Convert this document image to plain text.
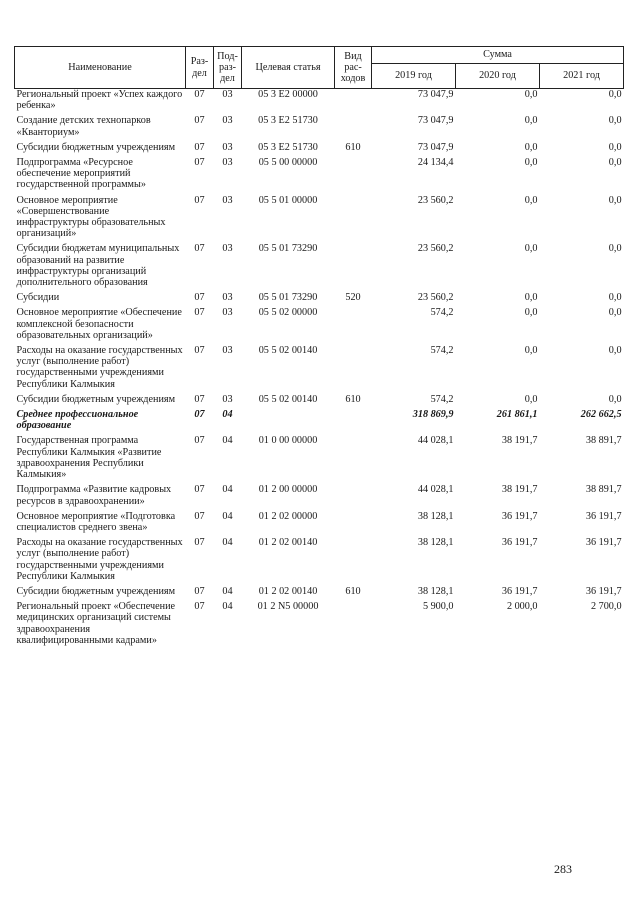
Наименование	Раз- дел	Под- раз- дел	Целевая статья	Вид рас- ходов	Сумма		
					2019 год	2020 год	2021 год
Региональный проект «Успех каждого ребенка»	07	03	05 3 E2 00000		73 047,9	0,0	0,0
Создание детских технопарков «Кванториум»	07	03	05 3 E2 51730		73 047,9	0,0	0,0
Субсидии бюджетным учреждениям	07	03	05 3 E2 51730	610	73 047,9	0,0	0,0
Подпрограмма «Ресурсное обеспечение мероприятий государственной программы»	07	03	05 5 00 00000		24 134,4	0,0	0,0
Основное мероприятие «Совершенствование инфраструктуры образовательных организаций»	07	03	05 5 01 00000		23 560,2	0,0	0,0
Субсидии бюджетам муниципальных образований на развитие инфраструктуры организаций дополнительного образования	07	03	05 5 01 73290		23 560,2	0,0	0,0
Субсидии	07	03	05 5 01 73290	520	23 560,2	0,0	0,0
Основное мероприятие «Обеспечение комплексной безопасности образовательных организаций»	07	03	05 5 02 00000		574,2	0,0	0,0
Расходы на оказание государственных услуг (выполнение работ) государственными учреждениями Республики Калмыкия	07	03	05 5 02 00140		574,2	0,0	0,0
Субсидии бюджетным учреждениям	07	03	05 5 02 00140	610	574,2	0,0	0,0
Среднее профессиональное образование	07	04			318 869,9	261 861,1	262 662,5
Государственная программа Республики Калмыкия «Развитие здравоохранения Республики Калмыкия»	07	04	01 0 00 00000		44 028,1	38 191,7	38 891,7
Подпрограмма «Развитие кадровых ресурсов в здравоохранении»	07	04	01 2 00 00000		44 028,1	38 191,7	38 891,7
Основное мероприятие «Подготовка специалистов среднего звена»	07	04	01 2 02 00000		38 128,1	36 191,7	36 191,7
Расходы на оказание государственных услуг (выполнение работ) государственными учреждениями Республики Калмыкия	07	04	01 2 02 00140		38 128,1	36 191,7	36 191,7
Субсидии бюджетным учреждениям	07	04	01 2 02 00140	610	38 128,1	36 191,7	36 191,7
Региональный проект «Обеспечение медицинских организаций системы здравоохранения квалифицированными кадрами»	07	04	01 2 N5 00000		5 900,0	2 000,0	2 700,0
283
